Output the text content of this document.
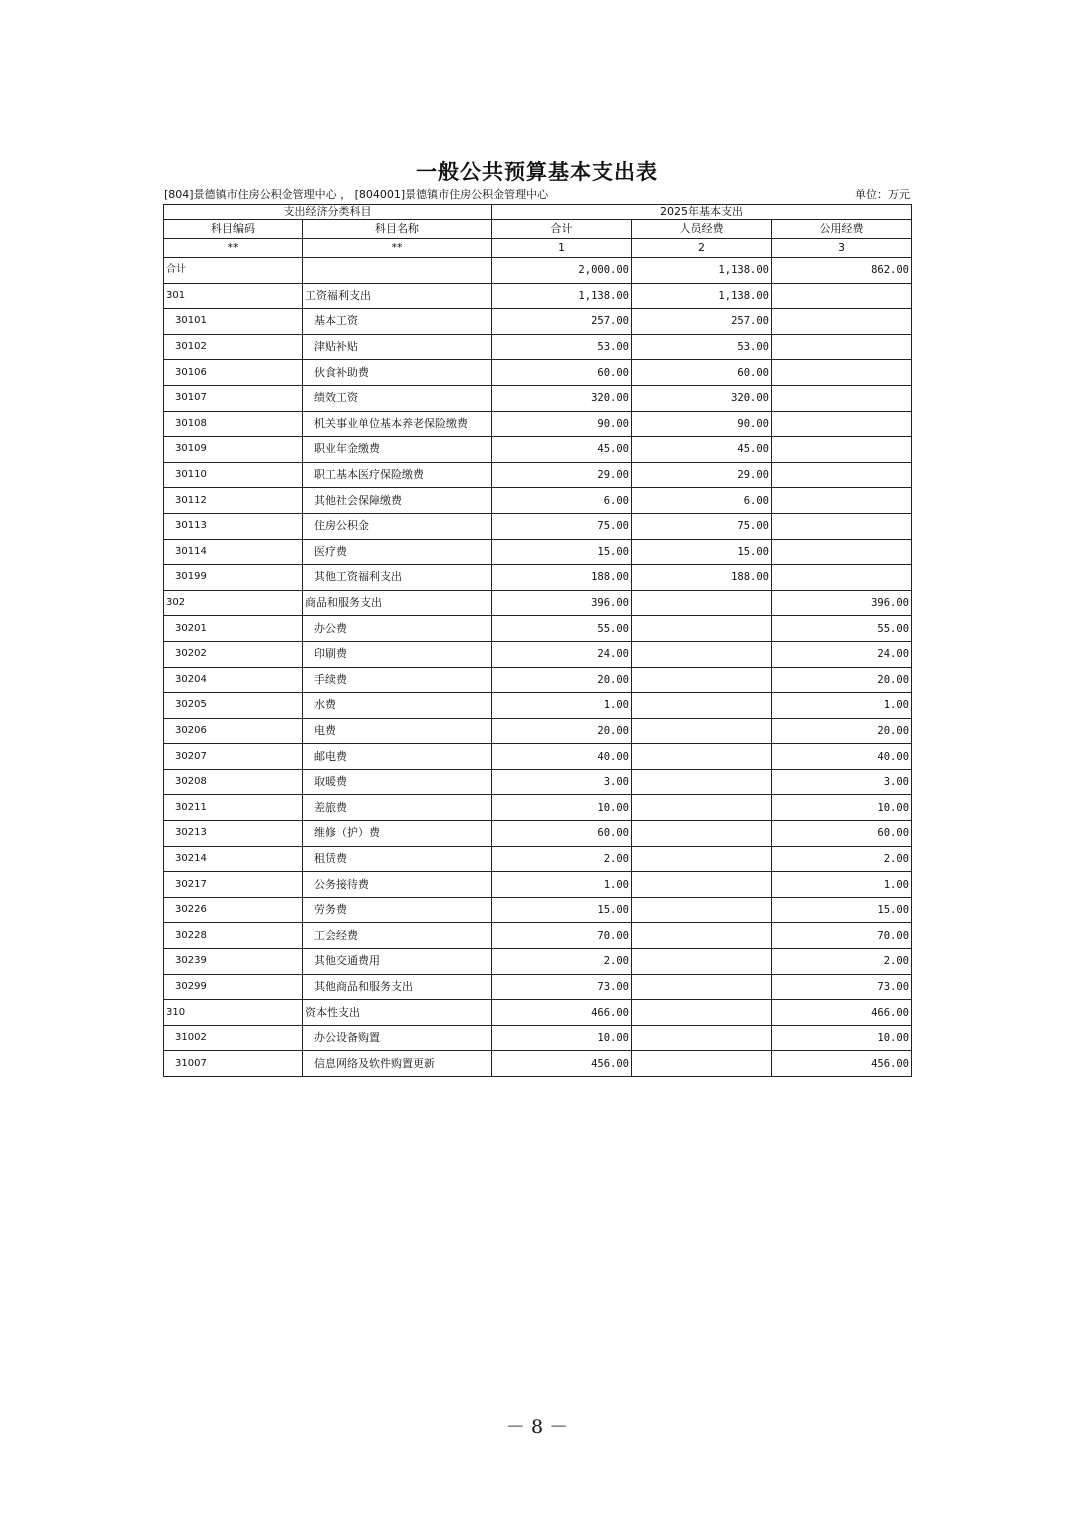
一般公共预算基本支出表
[804]景德镇市住房公积金管理中心 ， [804001]景德镇市住房公积金管理中心	单位：万元
支出经济分类科目		2025年基本支出		
科目编码	科目名称	合计	人员经费	公用经费
**	**	1	2	3
合计		2,000.00	1,138.00	862.00
301	工资福利支出	1,138.00	1,138.00	
30101	基本工资	257.00	257.00	
30102	津贴补贴	53.00	53.00	
30106	伙食补助费	60.00	60.00	
30107	绩效工资	320.00	320.00	
30108	机关事业单位基本养老保险缴费	90.00	90.00	
30109	职业年金缴费	45.00	45.00	
30110	职工基本医疗保险缴费	29.00	29.00	
30112	其他社会保障缴费	6.00	6.00	
30113	住房公积金	75.00	75.00	
30114	医疗费	15.00	15.00	
30199	其他工资福利支出	188.00	188.00	
302	商品和服务支出	396.00		396.00
30201	办公费	55.00		55.00
30202	印刷费	24.00		24.00
30204	手续费	20.00		20.00
30205	水费	1.00		1.00
30206	电费	20.00		20.00
30207	邮电费	40.00		40.00
30208	取暖费	3.00		3.00
30211	差旅费	10.00		10.00
30213	维修（护）费	60.00		60.00
30214	租赁费	2.00		2.00
30217	公务接待费	1.00		1.00
30226	劳务费	15.00		15.00
30228	工会经费	70.00		70.00
30239	其他交通费用	2.00		2.00
30299	其他商品和服务支出	73.00		73.00
310	资本性支出	466.00		466.00
31002	办公设备购置	10.00		10.00
31007	信息网络及软件购置更新	456.00		456.00
－ 8 －
